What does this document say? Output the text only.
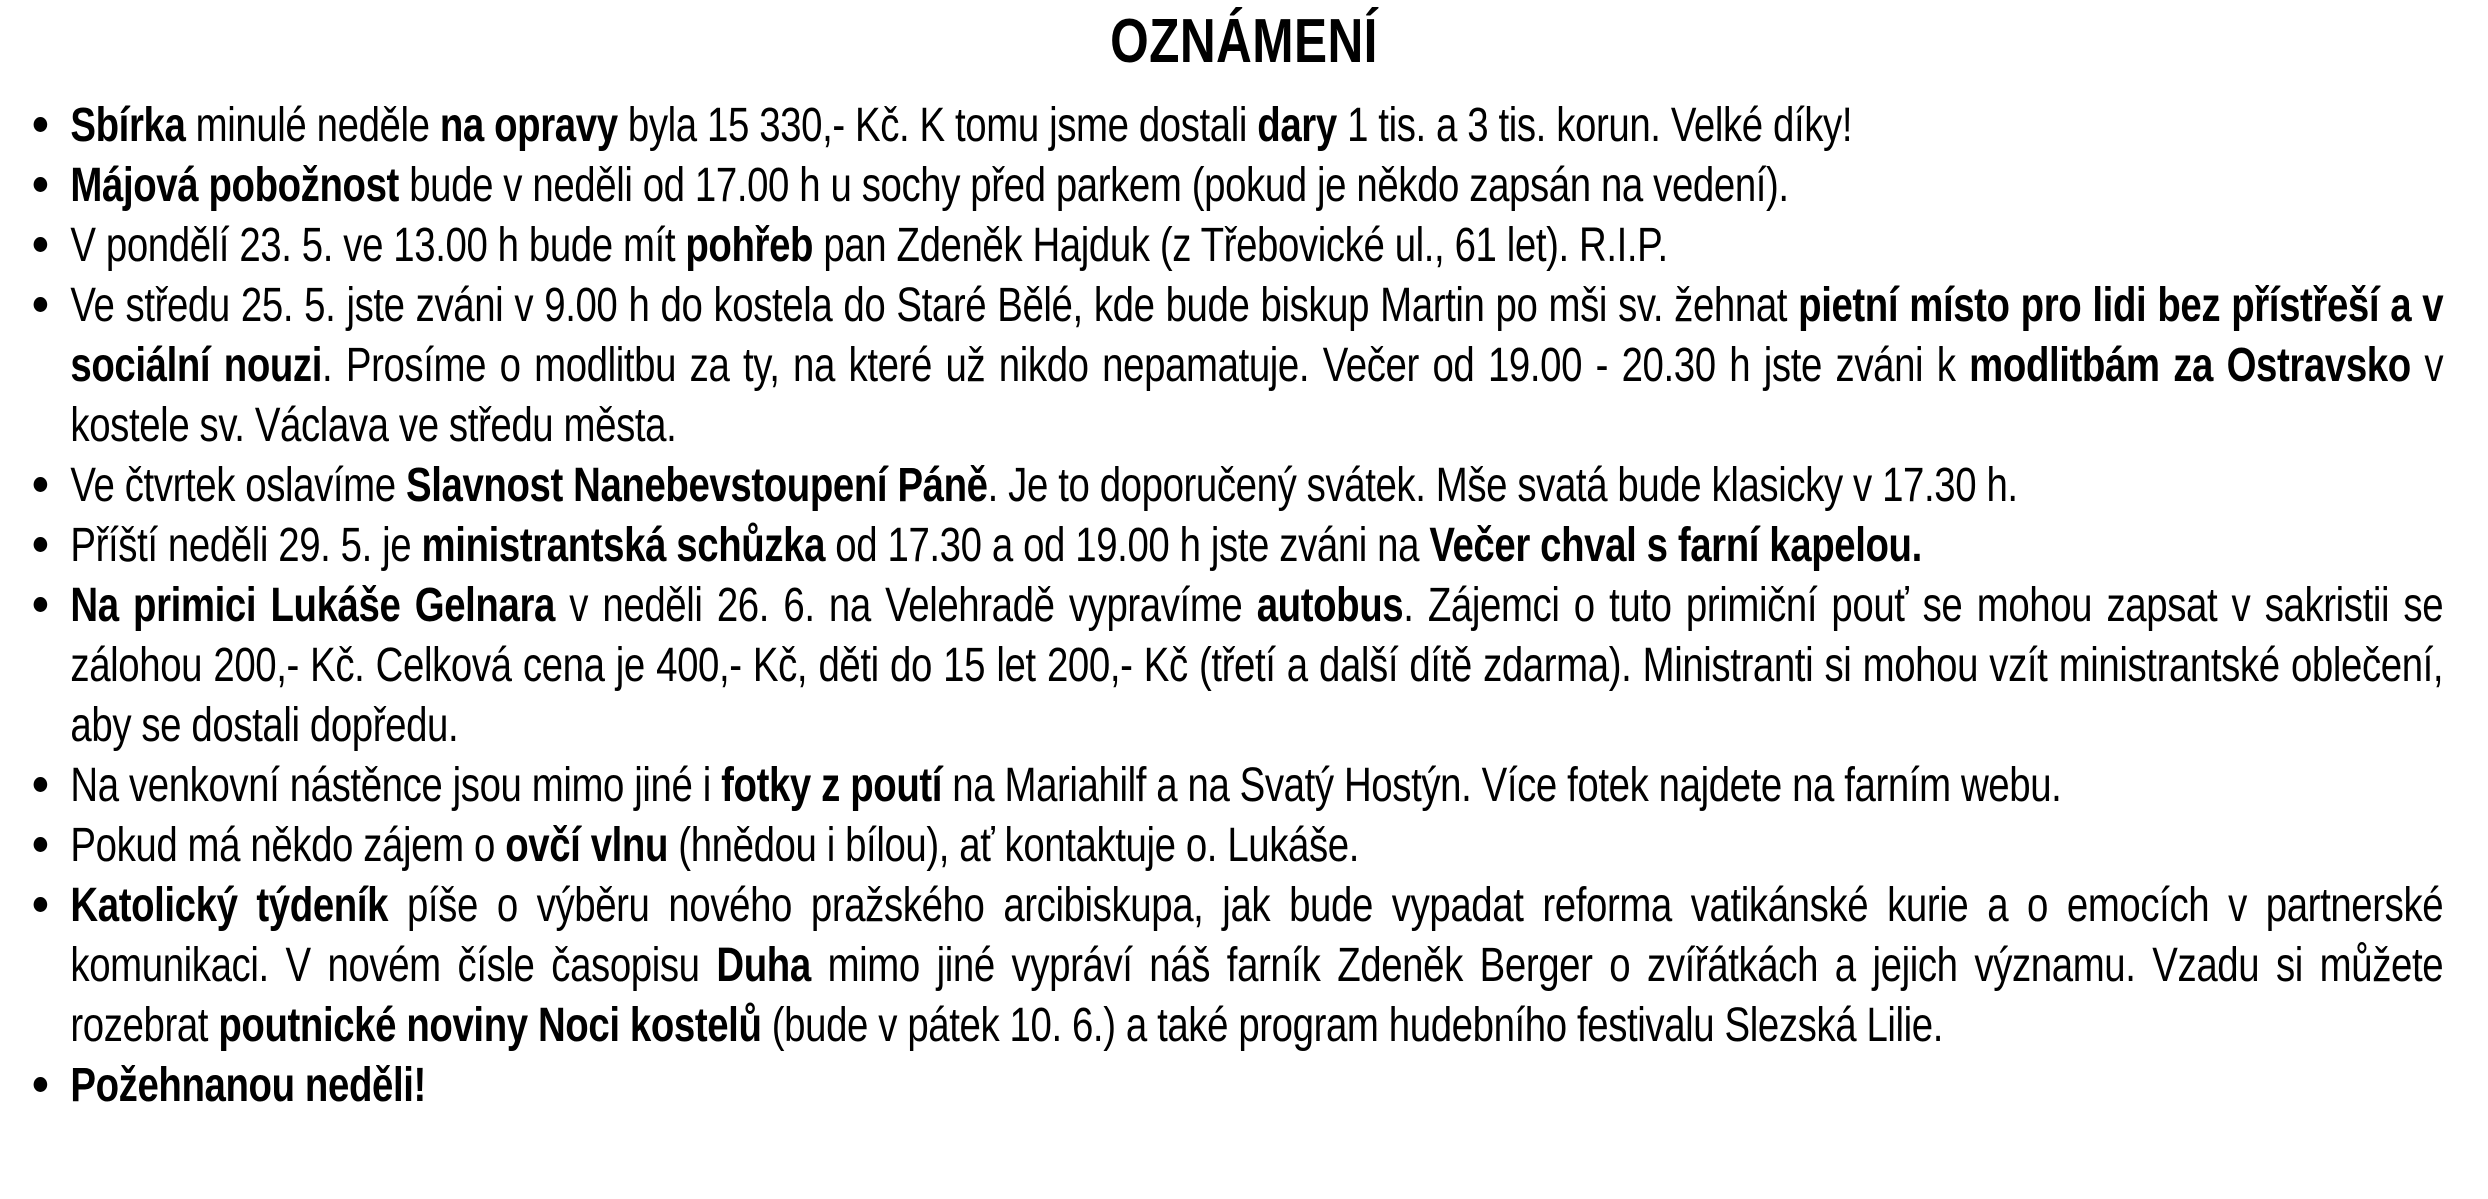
OZNÁMENÍ
Sbírka minulé neděle na opravy byla 15 330,- Kč. K tomu jsme dostali dary 1 tis. a 3 tis. korun. Velké díky!
Májová pobožnost bude v neděli od 17.00 h u sochy před parkem (pokud je někdo zapsán na vedení).
V pondělí 23. 5. ve 13.00 h bude mít pohřeb pan Zdeněk Hajduk (z Třebovické ul., 61 let). R.I.P.
Ve středu 25. 5. jste zváni v 9.00 h do kostela do Staré Bělé, kde bude biskup Martin po mši sv. žehnat pietní místo pro lidi bez přístřeší a v sociální nouzi. Prosíme o modlitbu za ty, na které už nikdo nepamatuje. Večer od 19.00 - 20.30 h jste zváni k modlitbám za Ostravsko v kostele sv. Václava ve středu města.
Ve čtvrtek oslavíme Slavnost Nanebevstoupení Páně. Je to doporučený svátek. Mše svatá bude klasicky v 17.30 h.
Příští neděli 29. 5. je ministrantská schůzka od 17.30 a od 19.00 h jste zváni na Večer chval s farní kapelou.
Na primici Lukáše Gelnara v neděli 26. 6. na Velehradě vypravíme autobus. Zájemci o tuto primiční pouť se mohou zapsat v sakristii se zálohou 200,- Kč. Celková cena je 400,- Kč, děti do 15 let 200,- Kč (třetí a další dítě zdarma). Ministranti si mohou vzít ministrantské oblečení, aby se dostali dopředu.
Na venkovní nástěnce jsou mimo jiné i fotky z poutí na Mariahilf a na Svatý Hostýn. Více fotek najdete na farním webu.
Pokud má někdo zájem o ovčí vlnu (hnědou i bílou), ať kontaktuje o. Lukáše.
Katolický týdeník píše o výběru nového pražského arcibiskupa, jak bude vypadat reforma vatikánské kurie a o emocích v partnerské komunikaci. V novém čísle časopisu Duha mimo jiné vypráví náš farník Zdeněk Berger o zvířátkách a jejich významu. Vzadu si můžete rozebrat poutnické noviny Noci kostelů (bude v pátek 10. 6.) a také program hudebního festivalu Slezská Lilie.
Požehnanou neděli!
